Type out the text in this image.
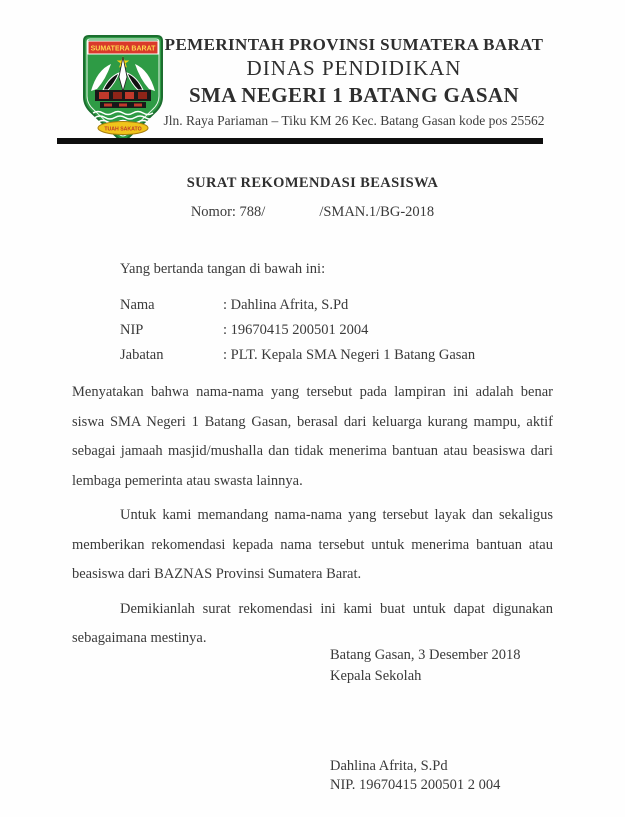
SUMATERA BARAT
TUAH SAKATO
PEMERINTAH PROVINSI SUMATERA BARAT
DINAS PENDIDIKAN
SMA NEGERI 1 BATANG GASAN
Jln. Raya Pariaman – Tiku KM 26 Kec. Batang Gasan kode pos 25562
SURAT REKOMENDASI BEASISWA
Nomor: 788/	/SMAN.1/BG-2018

Yang bertanda tangan di bawah ini:

Nama	: Dahlina Afrita, S.Pd
NIP	: 19670415 200501 2004
Jabatan	: PLT. Kepala SMA Negeri 1 Batang Gasan

Menyatakan bahwa nama-nama yang tersebut pada lampiran ini adalah benar siswa SMA Negeri 1 Batang Gasan, berasal dari keluarga kurang mampu, aktif sebagai jamaah masjid/mushalla dan tidak menerima bantuan atau beasiswa dari lembaga pemerinta atau swasta lainnya.

Untuk kami memandang nama-nama yang tersebut layak dan sekaligus memberikan rekomendasi kepada nama tersebut untuk menerima bantuan atau beasiswa dari BAZNAS Provinsi Sumatera Barat.

Demikianlah surat rekomendasi ini kami buat untuk dapat digunakan sebagaimana mestinya.

Batang Gasan, 3 Desember 2018
Kepala Sekolah
Dahlina Afrita, S.Pd
NIP. 19670415 200501 2 004
